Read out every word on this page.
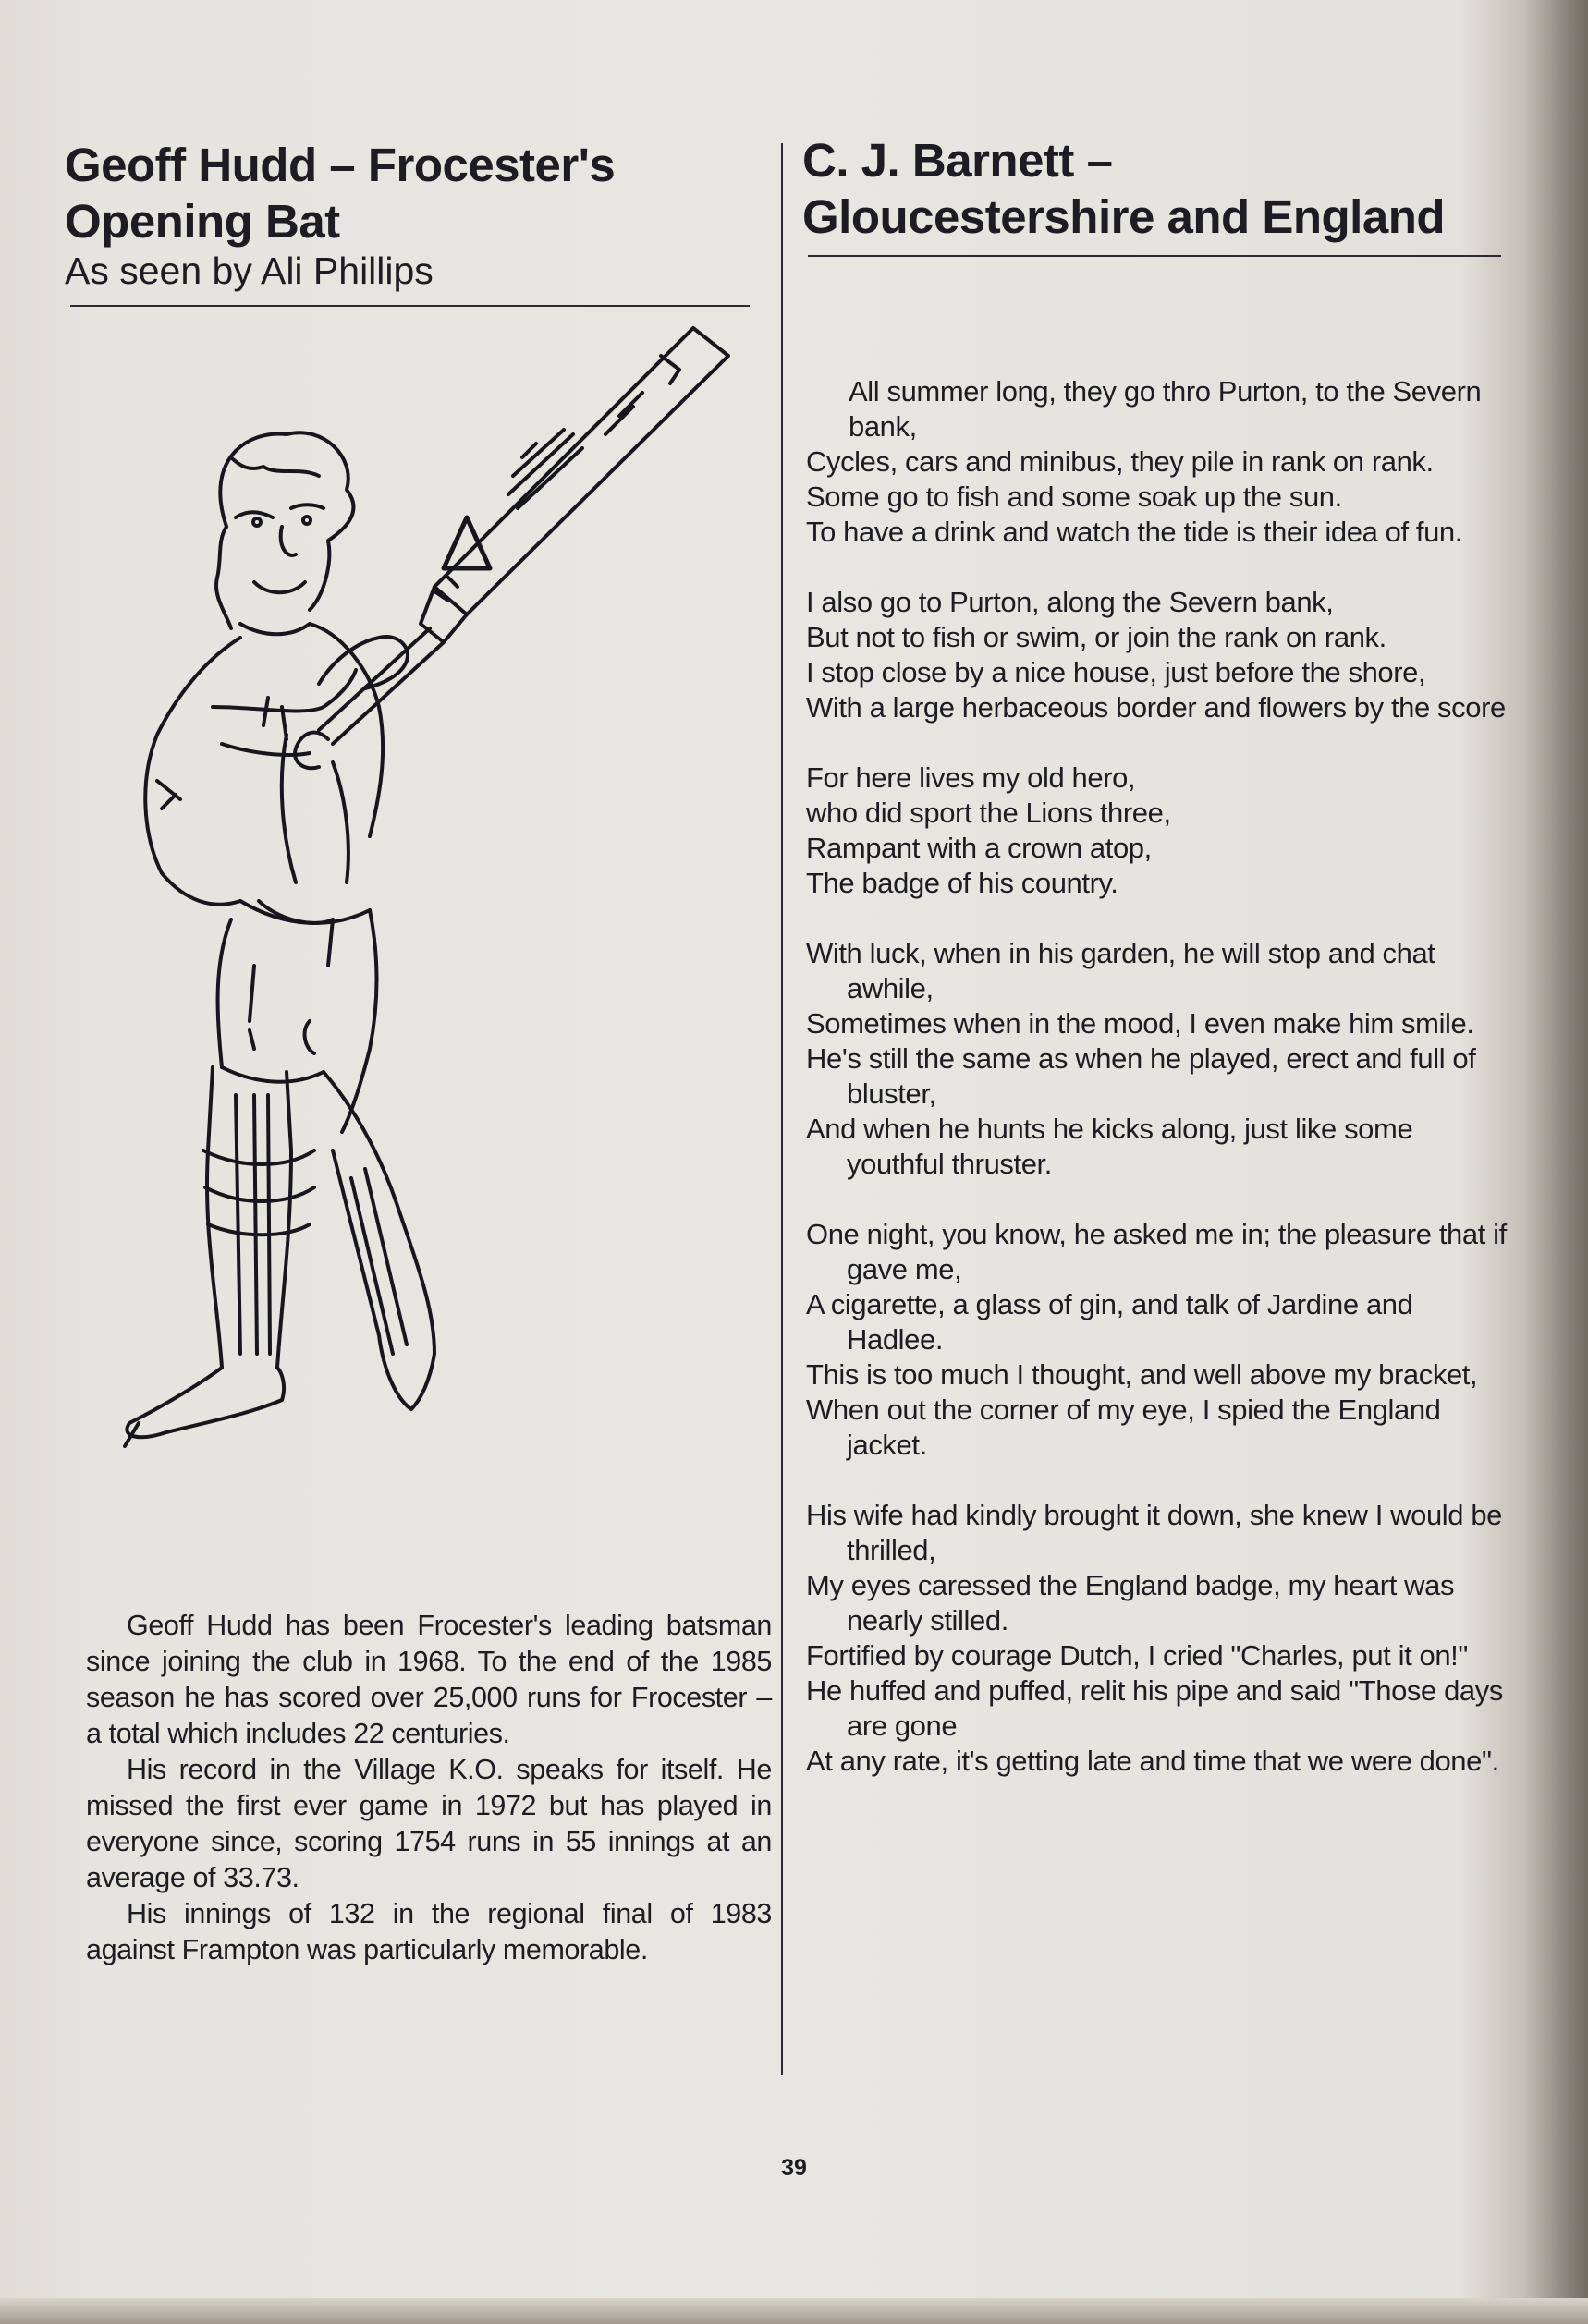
Geoff Hudd – Frocester's
Opening Bat
As seen by Ali Phillips

Geoff Hudd has been Frocester's leading batsman since joining the club in 1968. To the end of the 1985 season he has scored over 25,000 runs for Frocester – a total which includes 22 centuries.

His record in the Village K.O. speaks for itself. He missed the first ever game in 1972 but has played in everyone since, scoring 1754 runs in 55 innings at an average of 33.73.

His innings of 132 in the regional final of 1983 against Frampton was particularly memorable.

C. J. Barnett –
Gloucestershire and England
All summer long, they go thro Purton, to the Severn bank,
Cycles, cars and minibus, they pile in rank on rank.
Some go to fish and some soak up the sun.
To have a drink and watch the tide is their idea of fun.
I also go to Purton, along the Severn bank,
But not to fish or swim, or join the rank on rank.
I stop close by a nice house, just before the shore,
With a large herbaceous border and flowers by the score
For here lives my old hero,
who did sport the Lions three,
Rampant with a crown atop,
The badge of his country.
With luck, when in his garden, he will stop and chat awhile,
Sometimes when in the mood, I even make him smile.
He's still the same as when he played, erect and full of bluster,
And when he hunts he kicks along, just like some youthful thruster.
One night, you know, he asked me in; the pleasure that if gave me,
A cigarette, a glass of gin, and talk of Jardine and Hadlee.
This is too much I thought, and well above my bracket,
When out the corner of my eye, I spied the England jacket.
His wife had kindly brought it down, she knew I would be thrilled,
My eyes caressed the England badge, my heart was nearly stilled.
Fortified by courage Dutch, I cried "Charles, put it on!"
He huffed and puffed, relit his pipe and said "Those days are gone
At any rate, it's getting late and time that we were done".
39
